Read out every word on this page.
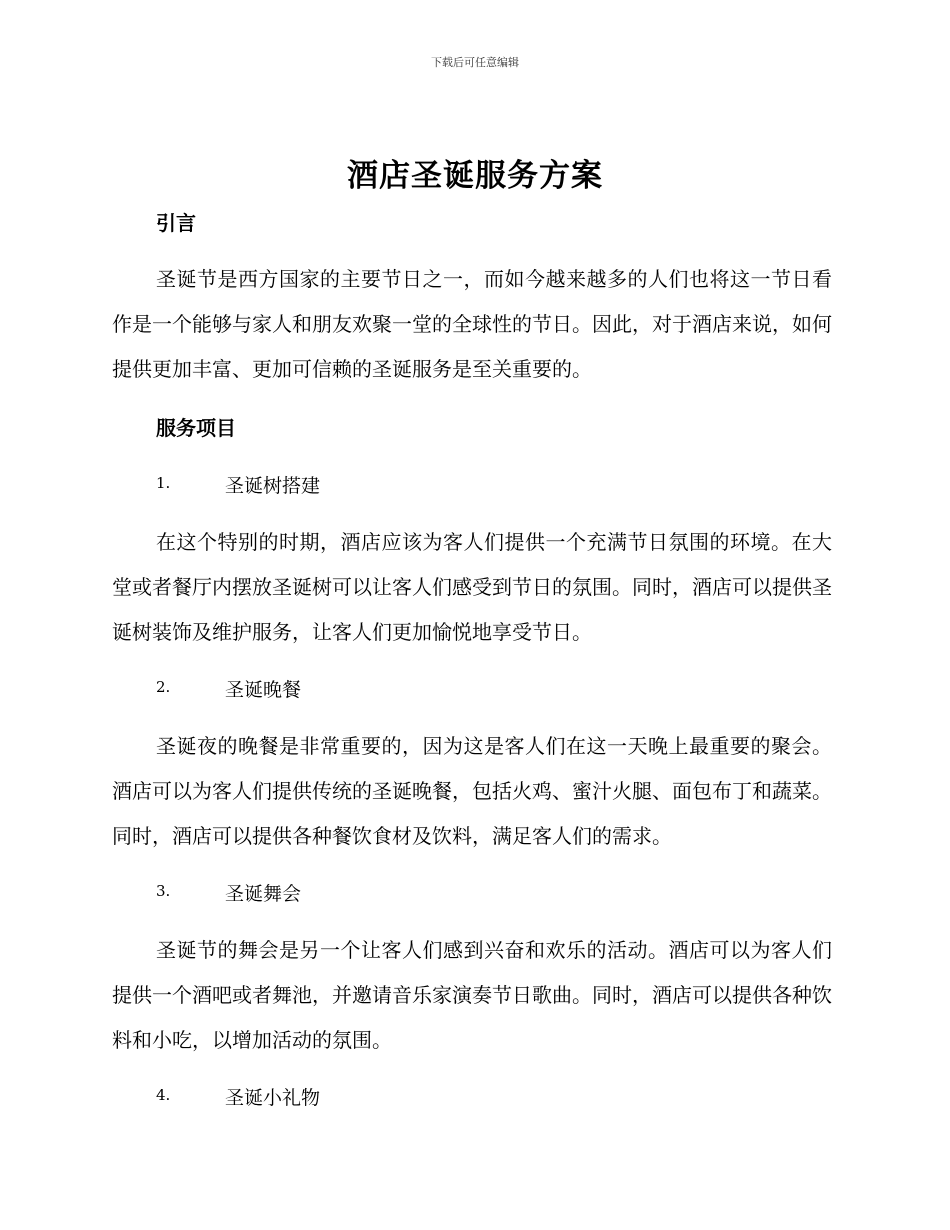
下载后可任意编辑
酒店圣诞服务方案
引言
圣诞节是西方国家的主要节日之一，而如今越来越多的人们也将这一节日看作是一个能够与家人和朋友欢聚一堂的全球性的节日。因此，对于酒店来说，如何提供更加丰富、更加可信赖的圣诞服务是至关重要的。
服务项目
1.	圣诞树搭建
在这个特别的时期，酒店应该为客人们提供一个充满节日氛围的环境。在大堂或者餐厅内摆放圣诞树可以让客人们感受到节日的氛围。同时，酒店可以提供圣诞树装饰及维护服务，让客人们更加愉悦地享受节日。
2.	圣诞晚餐
圣诞夜的晚餐是非常重要的，因为这是客人们在这一天晚上最重要的聚会。酒店可以为客人们提供传统的圣诞晚餐，包括火鸡、蜜汁火腿、面包布丁和蔬菜。同时，酒店可以提供各种餐饮食材及饮料，满足客人们的需求。
3.	圣诞舞会
圣诞节的舞会是另一个让客人们感到兴奋和欢乐的活动。酒店可以为客人们提供一个酒吧或者舞池，并邀请音乐家演奏节日歌曲。同时，酒店可以提供各种饮料和小吃，以增加活动的氛围。
4.	圣诞小礼物
